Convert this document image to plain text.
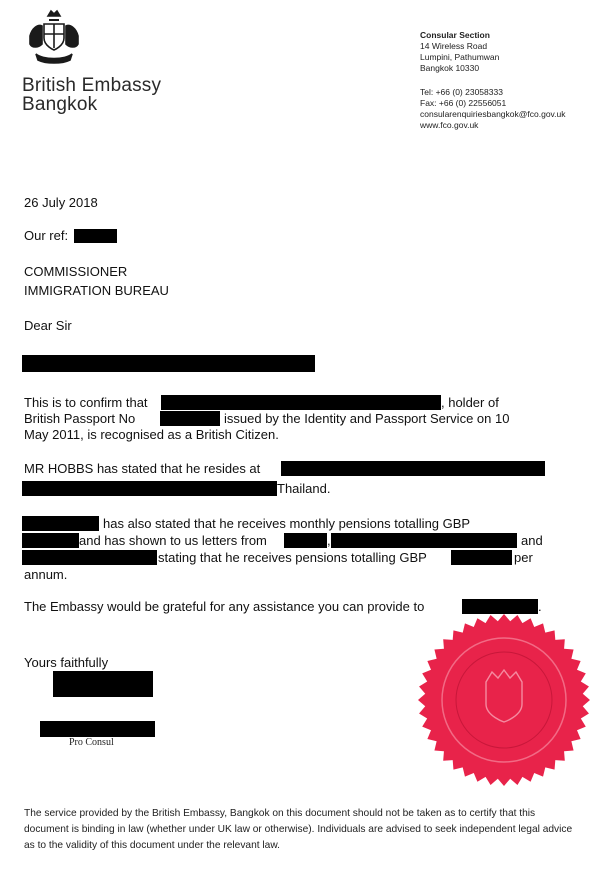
British Embassy
Bangkok
Consular Section
14 Wireless Road
Lumpini, Pathumwan
Bangkok 10330
Tel: +66 (0) 23058333
Fax: +66 (0) 22556051
consularenquiriesbangkok@fco.gov.uk
www.fco.gov.uk
26 July 2018
Our ref:
COMMISSIONER
IMMIGRATION BUREAU
Dear Sir
This is to confirm that	, holder of
British Passport No	issued by the Identity and Passport Service on 10
May 2011, is recognised as a British Citizen.
MR HOBBS has stated that he resides at
Thailand.
has also stated that he receives monthly pensions totalling GBP
and has shown to us letters from	,	and
stating that he receives pensions totalling GBP	per
annum.
The Embassy would be grateful for any assistance you can provide to	.
Yours faithfully
Pro Consul
The service provided by the British Embassy, Bangkok on this document should not be taken as to certify that this document is binding in law (whether under UK law or otherwise). Individuals are advised to seek independent legal advice as to the validity of this document under the relevant law.
